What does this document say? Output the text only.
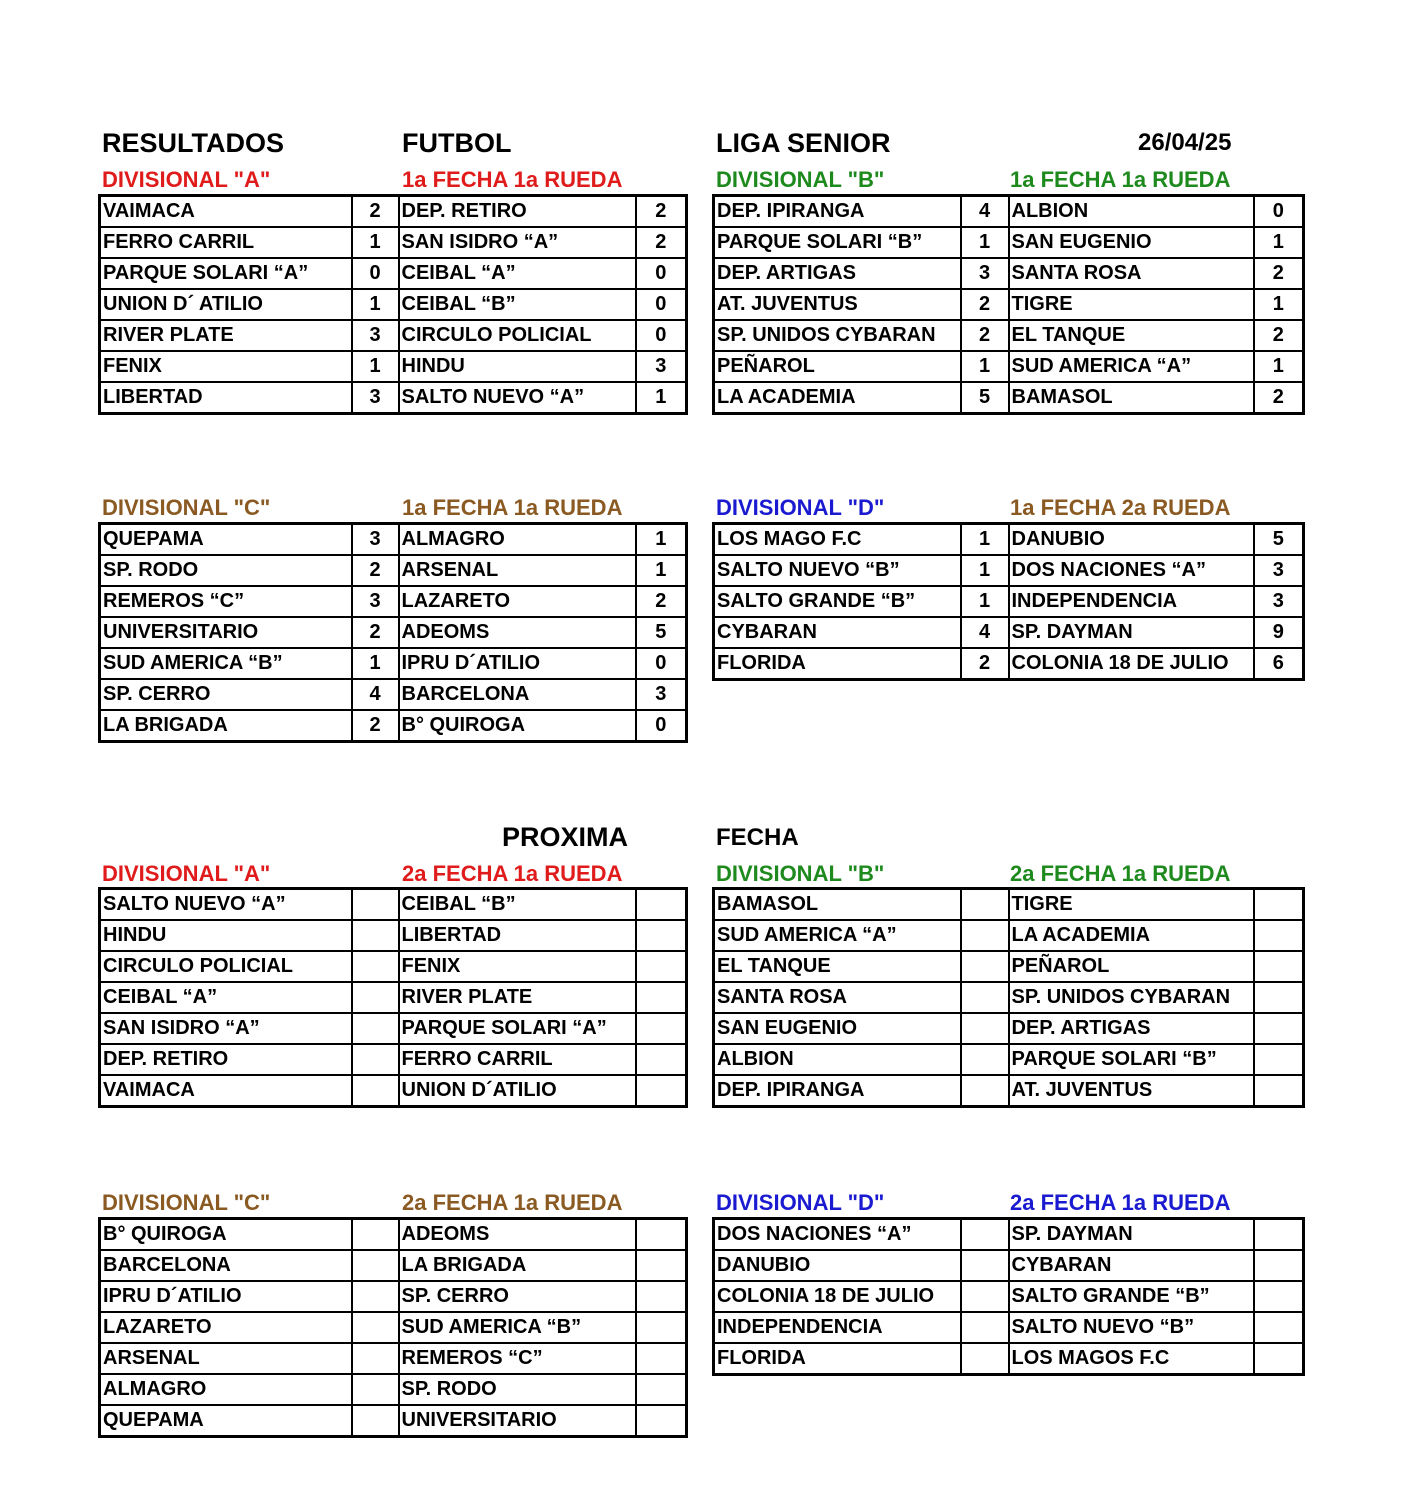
RESULTADOS	FUTBOL	LIGA SENIOR	26/04/25
PROXIMA	FECHA
DIVISIONAL "A"	1a FECHA 1a RUEDA
VAIMACA	2	DEP. RETIRO	2
FERRO CARRIL	1	SAN ISIDRO “A”	2
PARQUE SOLARI “A”	0	CEIBAL “A”	0
UNION D´ ATILIO	1	CEIBAL “B”	0
RIVER PLATE	3	CIRCULO POLICIAL	0
FENIX	1	HINDU	3
LIBERTAD	3	SALTO NUEVO “A”	1
DIVISIONAL "B"	1a FECHA 1a RUEDA
DEP. IPIRANGA	4	ALBION	0
PARQUE SOLARI “B”	1	SAN EUGENIO	1
DEP. ARTIGAS	3	SANTA ROSA	2
AT. JUVENTUS	2	TIGRE	1
SP. UNIDOS CYBARAN	2	EL TANQUE	2
PEÑAROL	1	SUD AMERICA “A”	1
LA ACADEMIA	5	BAMASOL	2
DIVISIONAL "C"	1a FECHA 1a RUEDA
QUEPAMA	3	ALMAGRO	1
SP. RODO	2	ARSENAL	1
REMEROS “C”	3	LAZARETO	2
UNIVERSITARIO	2	ADEOMS	5
SUD AMERICA “B”	1	IPRU D´ATILIO	0
SP. CERRO	4	BARCELONA	3
LA BRIGADA	2	B° QUIROGA	0
DIVISIONAL "D"	1a FECHA 2a RUEDA
LOS MAGO F.C	1	DANUBIO	5
SALTO NUEVO “B”	1	DOS NACIONES “A”	3
SALTO GRANDE “B”	1	INDEPENDENCIA	3
CYBARAN	4	SP. DAYMAN	9
FLORIDA	2	COLONIA 18 DE JULIO	6
DIVISIONAL "A"	2a FECHA 1a RUEDA
SALTO NUEVO “A”		CEIBAL “B”	
HINDU		LIBERTAD	
CIRCULO POLICIAL		FENIX	
CEIBAL “A”		RIVER PLATE	
SAN ISIDRO “A”		PARQUE SOLARI “A”	
DEP. RETIRO		FERRO CARRIL	
VAIMACA		UNION D´ATILIO	
DIVISIONAL "B"	2a FECHA 1a RUEDA
BAMASOL		TIGRE	
SUD AMERICA “A”		LA ACADEMIA	
EL TANQUE		PEÑAROL	
SANTA ROSA		SP. UNIDOS CYBARAN	
SAN EUGENIO		DEP. ARTIGAS	
ALBION		PARQUE SOLARI “B”	
DEP. IPIRANGA		AT. JUVENTUS	
DIVISIONAL "C"	2a FECHA 1a RUEDA
B° QUIROGA		ADEOMS	
BARCELONA		LA BRIGADA	
IPRU D´ATILIO		SP. CERRO	
LAZARETO		SUD AMERICA “B”	
ARSENAL		REMEROS “C”	
ALMAGRO		SP. RODO	
QUEPAMA		UNIVERSITARIO	
DIVISIONAL "D"	2a FECHA 1a RUEDA
DOS NACIONES “A”		SP. DAYMAN	
DANUBIO		CYBARAN	
COLONIA 18 DE JULIO		SALTO GRANDE “B”	
INDEPENDENCIA		SALTO NUEVO “B”	
FLORIDA		LOS MAGOS F.C	
